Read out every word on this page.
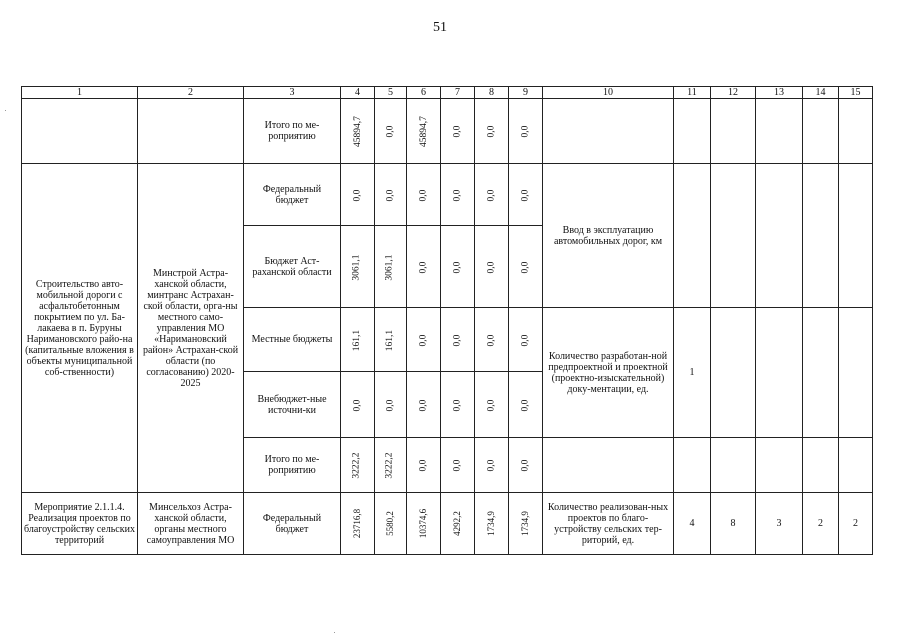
51
1	2	3	4	5	6	7	8	9	10	11	12	13	14	15
		Итого по ме-роприятию	45894,7	0,0	45894,7	0,0	0,0	0,0						
Строительство авто-мобильной дороги с асфальтобетонным покрытием по ул. Ба-лакаева в п. Буруны Наримановского райо-на (капитальные вложения в объекты муниципальной соб-ственности)	Минстрой Астра-ханской области, минтранс Астрахан-ской области, орга-ны местного само-управления МО «Наримановский район» Астрахан-ской области (по согласованию) 2020-2025	Федеральный бюджет	0,0	0,0	0,0	0,0	0,0	0,0	Ввод в эксплуатацию автомобильных дорог, км					
		Бюджет Аст-раханской области	3061,1	3061,1	0,0	0,0	0,0	0,0						
		Местные бюджеты	161,1	161,1	0,0	0,0	0,0	0,0	Количество разработан-ной предпроектной и проектной (проектно-изыскательной) доку-ментации, ед.	1				
		Внебюджет-ные источни-ки	0,0	0,0	0,0	0,0	0,0	0,0						
		Итого по ме-роприятию	3222,2	3222,2	0,0	0,0	0,0	0,0						
Мероприятие 2.1.1.4. Реализация проектов по благоустройству сельских территорий	Минсельхоз Астра-ханской области, органы местного самоуправления МО	Федеральный бюджет	23716,8	5580,2	10374,6	4292,2	1734,9	1734,9	Количество реализован-ных проектов по благо-устройству сельских тер-риторий, ед.	4	8	3	2	2
